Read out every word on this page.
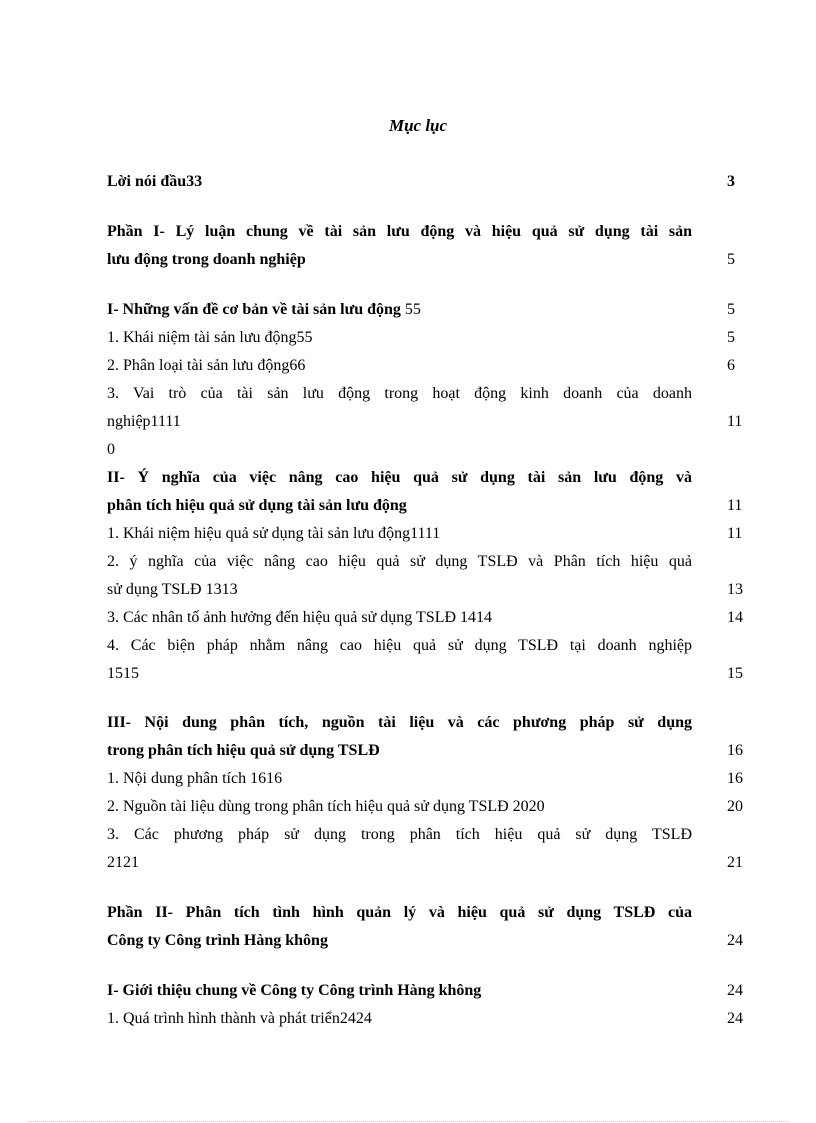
Mục lục
Lời nói đầu33	3
Phần I- Lý luận chung về tài sản lưu động và hiệu quả sử dụng tài sản
lưu động trong doanh nghiệp	5
I- Những vấn đề cơ bản về tài sản lưu động 55	5
1. Khái niệm tài sản lưu động55	5
2. Phân loại tài sản lưu động66	6
3. Vai trò của tài sản lưu động trong hoạt động kinh doanh của doanh
nghiệp1111	11
0
II- Ý nghĩa của việc nâng cao hiệu quả sử dụng tài sản lưu động và
phân tích hiệu quả sử dụng tài sản lưu động	11
1. Khái niệm hiệu quả sử dụng tài sản lưu động1111	11
2. ý nghĩa của việc nâng cao hiệu quả sử dụng TSLĐ và Phân tích hiệu quả
sử dụng TSLĐ 1313	13
3. Các nhân tố ảnh hưởng đến hiệu quả sử dụng TSLĐ 1414	14
4. Các biện pháp nhằm nâng cao hiệu quả sử dụng TSLĐ tại doanh nghiệp
1515	15
III- Nội dung phân tích, nguồn tài liệu và các phương pháp sử dụng
trong phân tích hiệu quả sử dụng TSLĐ	16
1. Nội dung phân tích 1616	16
2. Nguồn tài liệu dùng trong phân tích hiệu quả sử dụng TSLĐ 2020	20
3. Các phương pháp sử dụng trong phân tích hiệu quả sử dụng TSLĐ
2121	21
Phần II- Phân tích tình hình quản lý và hiệu quả sử dụng TSLĐ của
Công ty Công trình Hàng không	24
I- Giới thiệu chung về Công ty Công trình Hàng không	24
1. Quá trình hình thành và phát triển2424	24
